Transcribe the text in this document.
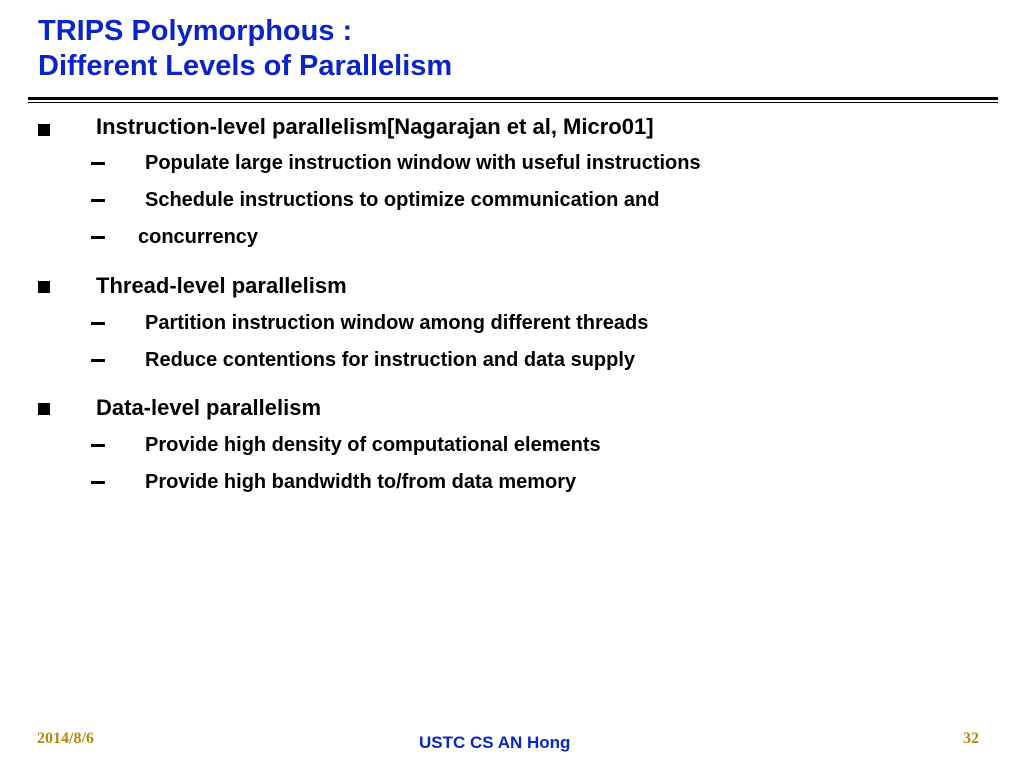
TRIPS Polymorphous :
Different Levels of Parallelism
Instruction-level parallelism[Nagarajan et al, Micro01]
Populate large instruction window with useful instructions
Schedule instructions to optimize communication and
concurrency
Thread-level parallelism
Partition instruction window among different threads
Reduce contentions for instruction and data supply
Data-level parallelism
Provide high density of computational elements
Provide high bandwidth to/from data memory
2014/8/6	USTC CS AN Hong	32
